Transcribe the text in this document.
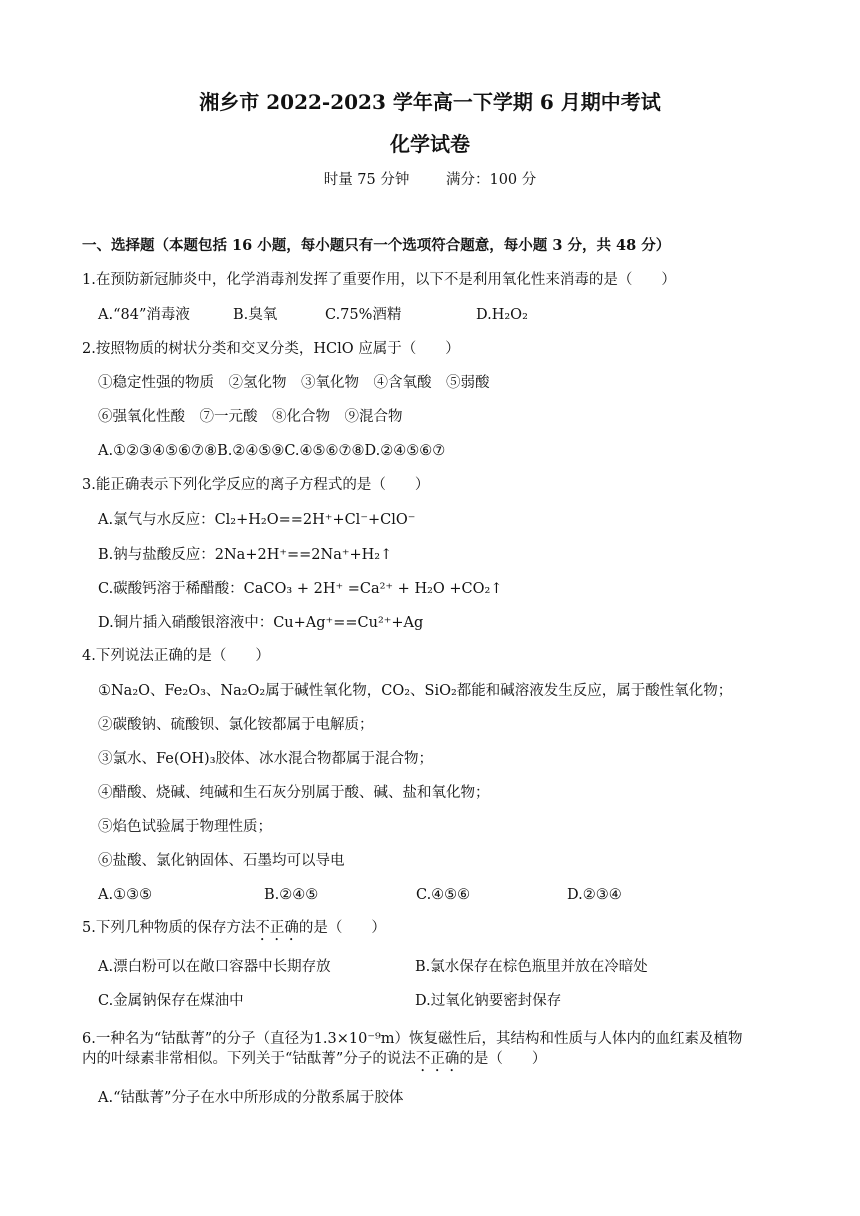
湘乡市 2022-2023 学年高一下学期 6 月期中考试
化学试卷
时量 75 分钟	满分：100 分
一、选择题（本题包括 16 小题，每小题只有一个选项符合题意，每小题 3 分，共 48 分）
1.在预防新冠肺炎中，化学消毒剂发挥了重要作用，以下不是利用氧化性来消毒的是（　　）
A.“84”消毒液	B.臭氧	C.75%酒精	D.H₂O₂
2.按照物质的树状分类和交叉分类，HClO 应属于（　　）
①稳定性强的物质　②氢化物　③氧化物　④含氧酸　⑤弱酸
⑥强氧化性酸　⑦一元酸　⑧化合物　⑨混合物
A.①②③④⑤⑥⑦⑧B.②④⑤⑨C.④⑤⑥⑦⑧D.②④⑤⑥⑦
3.能正确表示下列化学反应的离子方程式的是（　　）
A.氯气与水反应：Cl₂+H₂O==2H⁺+Cl⁻+ClO⁻
B.钠与盐酸反应：2Na+2H⁺==2Na⁺+H₂↑
C.碳酸钙溶于稀醋酸：CaCO₃ + 2H⁺ =Ca²⁺ + H₂O +CO₂↑
D.铜片插入硝酸银溶液中：Cu+Ag⁺==Cu²⁺+Ag
4.下列说法正确的是（　　）
①Na₂O、Fe₂O₃、Na₂O₂属于碱性氧化物，CO₂、SiO₂都能和碱溶液发生反应，属于酸性氧化物；
②碳酸钠、硫酸钡、氯化铵都属于电解质；
③氯水、Fe(OH)₃胶体、冰水混合物都属于混合物；
④醋酸、烧碱、纯碱和生石灰分别属于酸、碱、盐和氧化物；
⑤焰色试验属于物理性质；
⑥盐酸、氯化钠固体、石墨均可以导电
A.①③⑤	B.②④⑤	C.④⑤⑥	D.②③④
5.下列几种物质的保存方法不正确的是（　　）
A.漂白粉可以在敞口容器中长期存放	B.氯水保存在棕色瓶里并放在冷暗处
C.金属钠保存在煤油中	D.过氧化钠要密封保存
6.一种名为“钴酞菁”的分子（直径为1.3×10⁻⁹m）恢复磁性后，其结构和性质与人体内的血红素及植物
内的叶绿素非常相似。下列关于“钴酞菁”分子的说法不正确的是（　　）
A.“钴酞菁”分子在水中所形成的分散系属于胶体
